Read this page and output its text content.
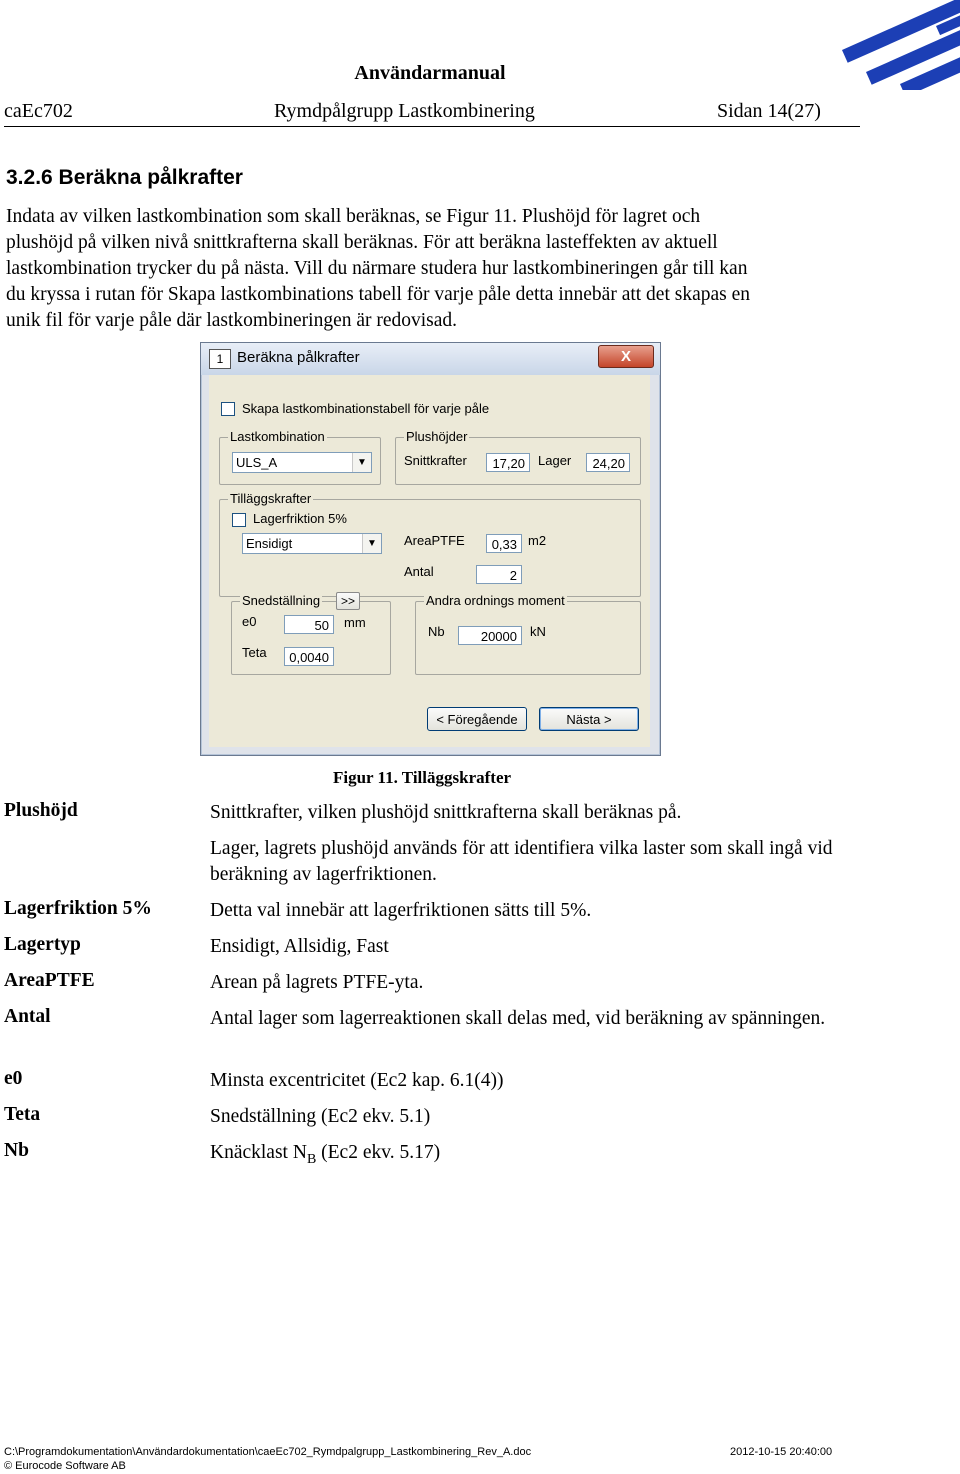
Användarmanual
caEc702	Rymdpålgrupp Lastkombinering	Sidan 14(27)
3.2.6 Beräkna pålkrafter
Indata av vilken lastkombination som skall beräknas, se Figur 11. Plushöjd för lagret och
plushöjd på vilken nivå snittkrafterna skall beräknas. För att beräkna lasteffekten av aktuell
lastkombination trycker du på nästa. Vill du närmare studera hur lastkombineringen går till kan
du kryssa i rutan för Skapa lastkombinations tabell för varje påle detta innebär att det skapas en
unik fil för varje påle där lastkombineringen är redovisad.
1 Beräkna pålkrafter	X
Skapa lastkombinationstabell för varje påle
Lastkombination
ULS_A	▼
Plushöjder
Snittkrafter	17,20	Lager	24,20
Tilläggskrafter
Lagerfriktion 5%
Ensidigt	▼	AreaPTFE	0,33 m2
Antal	2
Snedställning	>>
e0	50	mm
Teta	0,0040
Andra ordnings moment
Nb	20000	kN
< Föregående	Nästa >
Figur 11. Tilläggskrafter
Plushöjd	Snittkrafter, vilken plushöjd snittkrafterna skall beräknas på.
Lager, lagrets plushöjd används för att identifiera vilka laster som skall ingå vid beräkning av lagerfriktionen.
Lagerfriktion 5%	Detta val innebär att lagerfriktionen sätts till 5%.
Lagertyp	Ensidigt, Allsidig, Fast
AreaPTFE	Arean på lagrets PTFE-yta.
Antal	Antal lager som lagerreaktionen skall delas med, vid beräkning av spänningen.
e0	Minsta excentricitet (Ec2 kap. 6.1(4))
Teta	Snedställning (Ec2 ekv. 5.1)
Nb	Knäcklast $N_B$ (Ec2 ekv. 5.17)
C:\Programdokumentation\Användardokumentation\caeEc702_Rymdpalgrupp_Lastkombinering_Rev_A.doc	2012-10-15 20:40:00
© Eurocode Software AB
